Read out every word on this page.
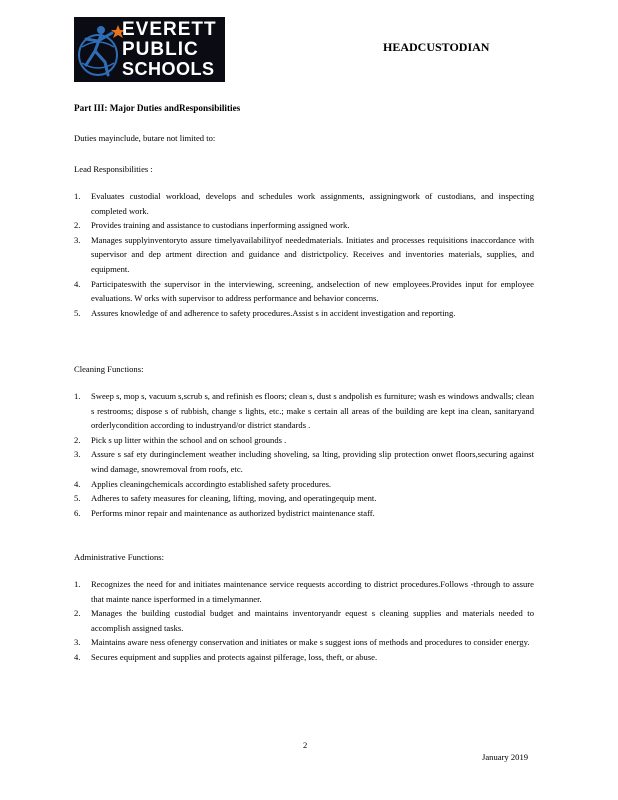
EVERETT
PUBLIC
SCHOOLS
HEADCUSTODIAN
Part III: Major Duties andResponsibilities
Duties mayinclude, butare not limited to:
Lead Responsibilities :
1. Evaluates custodial workload, develops and schedules work assignments, assigningwork of custodians, and inspecting completed work.
2. Provides training and assistance to custodians inperforming assigned work.
3. Manages supplyinventoryto assure timelyavailabilityof neededmaterials. Initiates and processes requisitions inaccordance with supervisor and dep artment direction and guidance and districtpolicy. Receives and inventories materials, supplies, and equipment.
4. Participateswith the supervisor in the interviewing, screening, andselection of new employees.Provides input for employee evaluations. W orks with supervisor to address performance and behavior concerns.
5. Assures knowledge of and adherence to safety procedures.Assist s in accident investigation and reporting.
Cleaning Functions:
1. Sweep s, mop s, vacuum s,scrub s, and refinish es floors; clean s, dust s andpolish es furniture; wash es windows andwalls; clean s restrooms; dispose s of rubbish, change s lights, etc.; make s certain all areas of the building are kept ina clean, sanitaryand orderlycondition according to industryand/or district standards .
2. Pick s up litter within the school and on school grounds .
3. Assure s saf ety duringinclement weather including shoveling, sa lting, providing slip protection onwet floors,securing against wind damage, snowremoval from roofs, etc.
4. Applies cleaningchemicals accordingto established safety procedures.
5. Adheres to safety measures for cleaning, lifting, moving, and operatingequip ment.
6. Performs minor repair and maintenance as authorized bydistrict maintenance staff.
Administrative Functions:
1. Recognizes the need for and initiates maintenance service requests according to district procedures.Follows -through to assure that mainte nance isperformed in a timelymanner.
2. Manages the building custodial budget and maintains inventoryandr equest s cleaning supplies and materials needed to accomplish assigned tasks.
3. Maintains aware ness ofenergy conservation and initiates or make s suggest ions of methods and procedures to consider energy.
4. Secures equipment and supplies and protects against pilferage, loss, theft, or abuse.
2
January 2019
